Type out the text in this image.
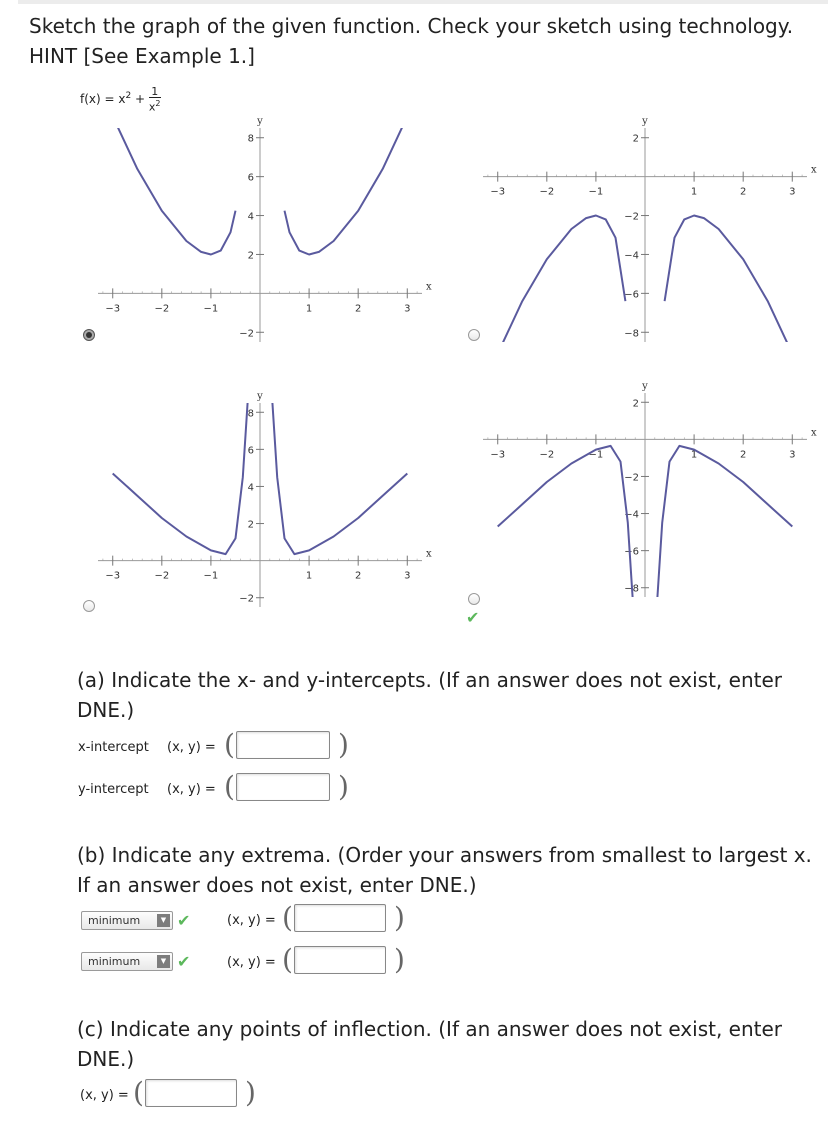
Sketch the graph of the given function. Check your sketch using technology.
HINT [See Example 1.]
$f(x) = x^2 + \frac{1}{x^2}$
−3	−2	−1	1	2	3
−2
2
4
6
8
x
y
−3	−2	−1	1	2	3
2
−2
−4
−6
−8
x
y
−3	−2	−1	1	2	3
−2
2
4
6
8
x
y
−3	−2	−1	1	2	3
2
−2
−4
−6
−8
x
y
✔
(a) Indicate the x- and y-intercepts. (If an answer does not exist, enter DNE.)
x-intercept (x, y) = (	)
y-intercept (x, y) = (	)
(b) Indicate any extrema. (Order your answers from smallest to largest x. If an answer does not exist, enter DNE.)
minimum	▼ ✔	(x, y) = (	)
minimum	▼ ✔	(x, y) = (	)
(c) Indicate any points of inflection. (If an answer does not exist, enter DNE.)
(x, y) = (	)
